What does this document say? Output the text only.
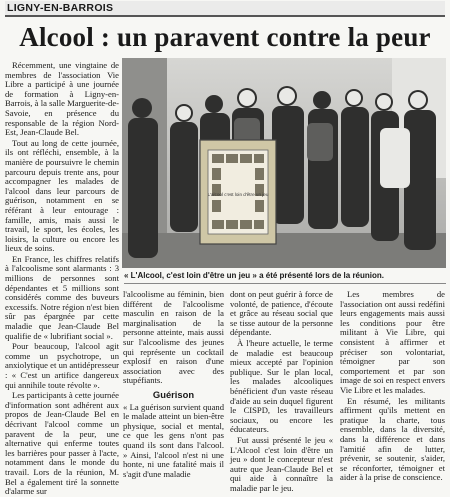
LIGNY-EN-BARROIS
Alcool : un paravent contre la peur

Récemment, une vingtaine de membres de l'association Vie Libre a participé à une journée de formation à Ligny-en-Barrois, à la salle Marguerite-de-Savoie, en présence du responsable de la région Nord-Est, Jean-Claude Bel.

Tout au long de cette journée, ils ont réfléchi, ensemble, à la manière de poursuivre le chemin parcouru depuis trente ans, pour accompagner les malades de l'alcool dans leur parcours de guérison, notamment en se référant à leur entourage : famille, amis, mais aussi le travail, le sport, les écoles, les loisirs, la culture ou encore les lieux de soins.

En France, les chiffres relatifs à l'alcoolisme sont alarmants : 3 millions de personnes sont dépendantes et 5 millions sont considérés comme des buveurs excessifs. Notre région n'est bien sûr pas épargnée par cette maladie que Jean-Claude Bel qualifie de « lubrifiant social ».

Pour beaucoup, l'alcool agit comme un psychotrope, un anxiolytique et un antidépresseur : « C'est un artifice dangereux qui annihile toute révolte ».

Les participants à cette journée d'information sont adhérent aux propos de Jean-Claude Bel en décrivant l'alcool comme un paravent de la peur, une alternative qui enferme toutes les barrières pour passer à l'acte, notamment dans le monde du travail. Lors de la réunion, M. Bel a également tiré la sonnette d'alarme sur

L'alcool c'est loin d'être un jeu
« L'Alcool, c'est loin d'être un jeu » a été présenté lors de la réunion.

l'alcoolisme au féminin, bien différent de l'alcoolisme masculin en raison de la marginalisation de la personne atteinte, mais aussi sur l'alcoolisme des jeunes qui représente un cocktail explosif en raison d'une association avec des stupéfiants.

Guérison

« La guérison survient quand le malade atteint un bien-être physique, social et mental, ce que les gens n'ont pas quand ils sont dans l'alcool. » Ainsi, l'alcool n'est ni une honte, ni une fatalité mais il s'agit d'une maladie

dont on peut guérir à force de volonté, de patience, d'écoute et grâce au réseau social que se tisse autour de la personne dépendante.

À l'heure actuelle, le terme de maladie est beaucoup mieux accepté par l'opinion publique. Sur le plan local, les malades alcooliques bénéficient d'un vaste réseau d'aide au sein duquel figurent le CISPD, les travailleurs sociaux, ou encore les éducateurs.

Fut aussi présenté le jeu « L'Alcool c'est loin d'être un jeu » dont le concepteur n'est autre que Jean-Claude Bel et qui aide à connaître la maladie par le jeu.

Les membres de l'association ont aussi redéfini leurs engagements mais aussi les conditions pour être militant à Vie Libre, qui consistent à affirmer et préciser son volontariat, témoigner par son comportement et par son image de soi en respect envers Vie Libre et les malades.

En résumé, les militants affirment qu'ils mettent en pratique la charte, tous ensemble, dans la diversité, dans la différence et dans l'amitié afin de lutter, prévenir, se soutenir, s'aider, se réconforter, témoigner et aider à la prise de conscience.
